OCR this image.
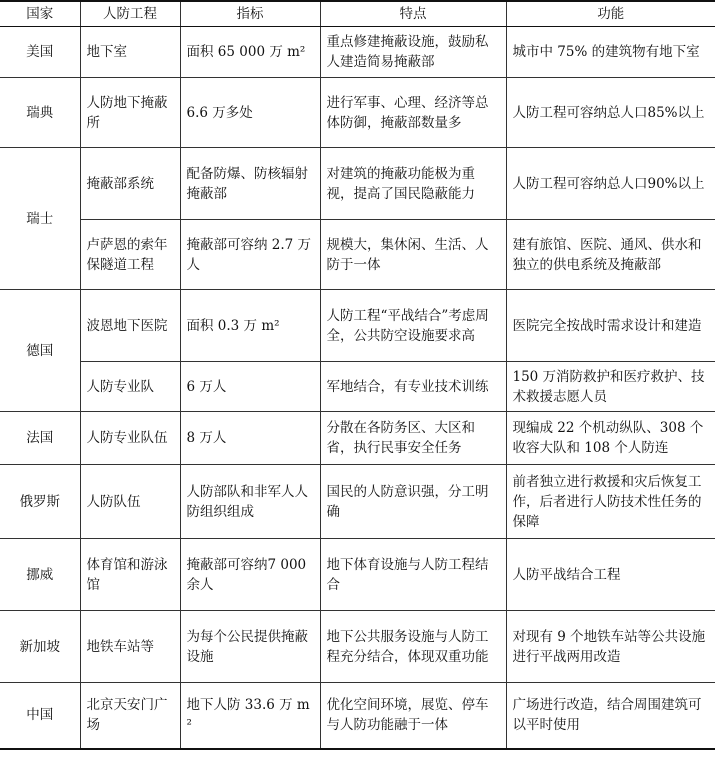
国家	人防工程	指标	特点	功能
美国	地下室	面积 65 000 万 m²	重点修建掩蔽设施，鼓励私人建造简易掩蔽部	城市中 75% 的建筑物有地下室
瑞典	人防地下掩蔽所	6.6 万多处	进行军事、心理、经济等总体防御，掩蔽部数量多	人防工程可容纳总人口85%以上
瑞士	掩蔽部系统	配备防爆、防核辐射掩蔽部	对建筑的掩蔽功能极为重视，提高了国民隐蔽能力	人防工程可容纳总人口90%以上
	卢萨恩的索年保隧道工程	掩蔽部可容纳 2.7 万人	规模大，集休闲、生活、人防于一体	建有旅馆、医院、通风、供水和独立的供电系统及掩蔽部
德国	波恩地下医院	面积 0.3 万 m²	人防工程“平战结合”考虑周全，公共防空设施要求高	医院完全按战时需求设计和建造
	人防专业队	6 万人	军地结合，有专业技术训练	150 万消防救护和医疗救护、技术救援志愿人员
法国	人防专业队伍	8 万人	分散在各防务区、大区和省，执行民事安全任务	现编成 22 个机动纵队、308 个收容大队和 108 个人防连
俄罗斯	人防队伍	人防部队和非军人人防组织组成	国民的人防意识强，分工明确	前者独立进行救援和灾后恢复工作，后者进行人防技术性任务的保障
挪威	体育馆和游泳馆	掩蔽部可容纳7 000 余人	地下体育设施与人防工程结合	人防平战结合工程
新加坡	地铁车站等	为每个公民提供掩蔽设施	地下公共服务设施与人防工程充分结合，体现双重功能	对现有 9 个地铁车站等公共设施进行平战两用改造
中国	北京天安门广场	地下人防 33.6 万 m²	优化空间环境，展览、停车与人防功能融于一体	广场进行改造，结合周围建筑可以平时使用
